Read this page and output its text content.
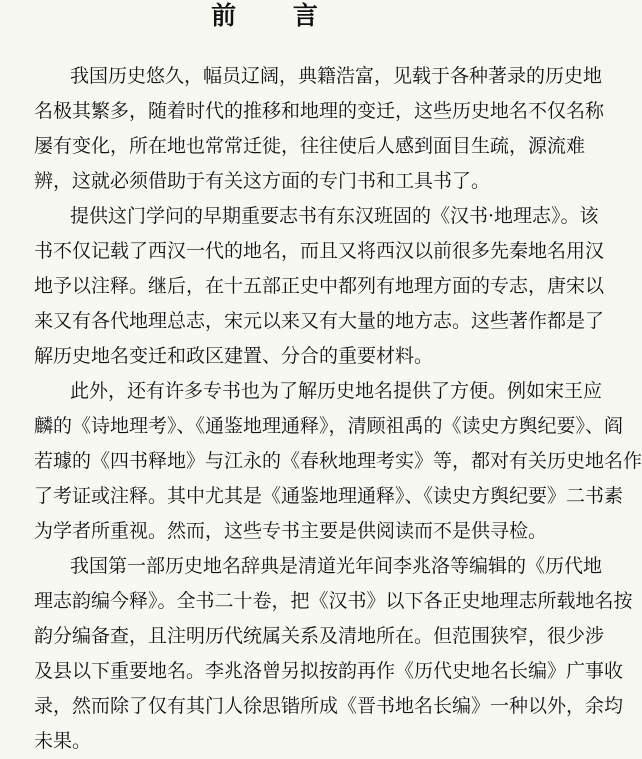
前 言
我国历史悠久，幅员辽阔，典籍浩富，见载于各种著录的历史地
名极其繁多，随着时代的推移和地理的变迁，这些历史地名不仅名称
屡有变化，所在地也常常迁徙，往往使后人感到面目生疏，源流难
辨，这就必须借助于有关这方面的专门书和工具书了。
提供这门学问的早期重要志书有东汉班固的《汉书·地理志》。该
书不仅记载了西汉一代的地名，而且又将西汉以前很多先秦地名用汉
地予以注释。继后，在十五部正史中都列有地理方面的专志，唐宋以
来又有各代地理总志，宋元以来又有大量的地方志。这些著作都是了
解历史地名变迁和政区建置、分合的重要材料。
此外，还有许多专书也为了解历史地名提供了方便。例如宋王应
麟的《诗地理考》、《通鉴地理通释》，清顾祖禹的《读史方舆纪要》、阎
若璩的《四书释地》与江永的《春秋地理考实》等，都对有关历史地名作
了考证或注释。其中尤其是《通鉴地理通释》、《读史方舆纪要》二书素
为学者所重视。然而，这些专书主要是供阅读而不是供寻检。
我国第一部历史地名辞典是清道光年间李兆洛等编辑的《历代地
理志韵编今释》。全书二十卷，把《汉书》以下各正史地理志所载地名按
韵分编备查，且注明历代统属关系及清地所在。但范围狭窄，很少涉
及县以下重要地名。李兆洛曾另拟按韵再作《历代史地名长编》广事收
录，然而除了仅有其门人徐思锴所成《晋书地名长编》一种以外，余均
未果。
